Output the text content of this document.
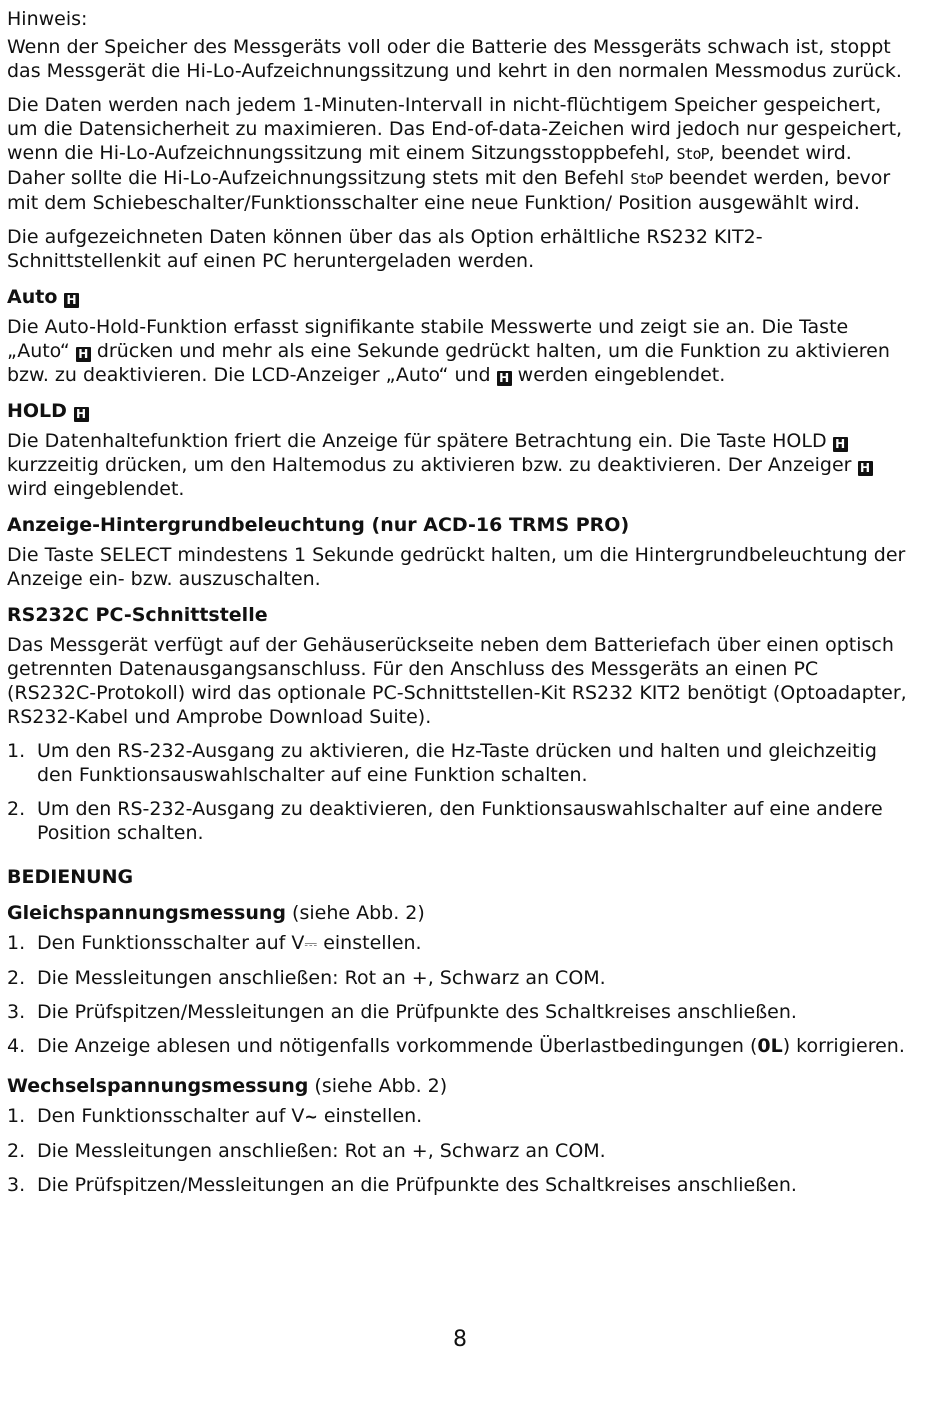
Hinweis:

Wenn der Speicher des Messgeräts voll oder die Batterie des Messgeräts schwach ist, stoppt das Messgerät die Hi-Lo-Aufzeichnungssitzung und kehrt in den normalen Messmodus zurück.

Die Daten werden nach jedem 1-Minuten-Intervall in nicht-flüchtigem Speicher gespeichert, um die Datensicherheit zu maximieren. Das End-of-data-Zeichen wird jedoch nur gespeichert, wenn die Hi-Lo-Aufzeichnungssitzung mit einem Sitzungsstoppbefehl, StoP, beendet wird. Daher sollte die Hi-Lo-Aufzeichnungssitzung stets mit den Befehl StoP beendet werden, bevor mit dem Schiebeschalter/Funktionsschalter eine neue Funktion/ Position ausgewählt wird.

Die aufgezeichneten Daten können über das als Option erhältliche RS232 KIT2-Schnittstellenkit auf einen PC heruntergeladen werden.

Auto H

Die Auto-Hold-Funktion erfasst signifikante stabile Messwerte und zeigt sie an. Die Taste „Auto“ H drücken und mehr als eine Sekunde gedrückt halten, um die Funktion zu aktivieren bzw. zu deaktivieren. Die LCD-Anzeiger „Auto“ und H werden eingeblendet.

HOLD H

Die Datenhaltefunktion friert die Anzeige für spätere Betrachtung ein. Die Taste HOLD H kurzzeitig drücken, um den Haltemodus zu aktivieren bzw. zu deaktivieren. Der Anzeiger H wird eingeblendet.

Anzeige-Hintergrundbeleuchtung (nur ACD-16 TRMS PRO)

Die Taste SELECT mindestens 1 Sekunde gedrückt halten, um die Hintergrundbeleuchtung der Anzeige ein- bzw. auszuschalten.

RS232C PC-Schnittstelle

Das Messgerät verfügt auf der Gehäuserückseite neben dem Batteriefach über einen optisch getrennten Datenausgangsanschluss. Für den Anschluss des Messgeräts an einen PC (RS232C-Protokoll) wird das optionale PC-Schnittstellen-Kit RS232 KIT2 benötigt (Optoadapter, RS232-Kabel und Amprobe Download Suite).

1. Um den RS-232-Ausgang zu aktivieren, die Hz-Taste drücken und halten und gleichzeitig den Funktionsauswahlschalter auf eine Funktion schalten.
2. Um den RS-232-Ausgang zu deaktivieren, den Funktionsauswahlschalter auf eine andere Position schalten.

BEDIENUNG

Gleichspannungsmessung (siehe Abb. 2)

1. Den Funktionsschalter auf V⎓ einstellen.
2. Die Messleitungen anschließen: Rot an +, Schwarz an COM.
3. Die Prüfspitzen/Messleitungen an die Prüfpunkte des Schaltkreises anschließen.
4. Die Anzeige ablesen und nötigenfalls vorkommende Überlastbedingungen (0L) korrigieren.

Wechselspannungsmessung (siehe Abb. 2)

1. Den Funktionsschalter auf V~ einstellen.
2. Die Messleitungen anschließen: Rot an +, Schwarz an COM.
3. Die Prüfspitzen/Messleitungen an die Prüfpunkte des Schaltkreises anschließen.
8
